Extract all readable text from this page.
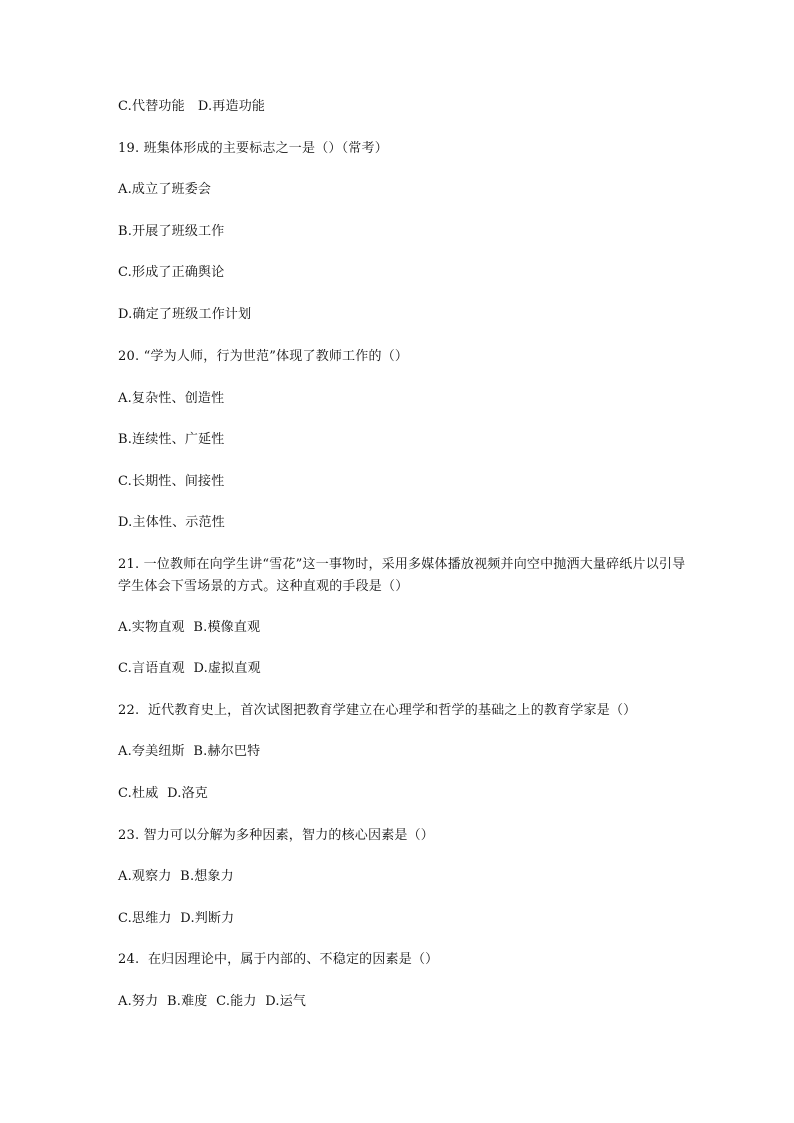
C.代替功能   D.再造功能
19. 班集体形成的主要标志之一是（）（常考）
A.成立了班委会
B.开展了班级工作
C.形成了正确舆论
D.确定了班级工作计划
20. “学为人师，行为世范”体现了教师工作的（）
A.复杂性、创造性
B.连续性、广延性
C.长期性、间接性
D.主体性、示范性
21. 一位教师在向学生讲“雪花”这一事物时，采用多媒体播放视频并向空中抛洒大量碎纸片以引导学生体会下雪场景的方式。这种直观的手段是（）
A.实物直观  B.模像直观
C.言语直观  D.虚拟直观
22.  近代教育史上，首次试图把教育学建立在心理学和哲学的基础之上的教育学家是（）
A.夸美纽斯  B.赫尔巴特
C.杜威  D.洛克
23. 智力可以分解为多种因素，智力的核心因素是（）
A.观察力  B.想象力
C.思维力  D.判断力
24.  在归因理论中，属于内部的、不稳定的因素是（）
A.努力  B.难度  C.能力  D.运气
